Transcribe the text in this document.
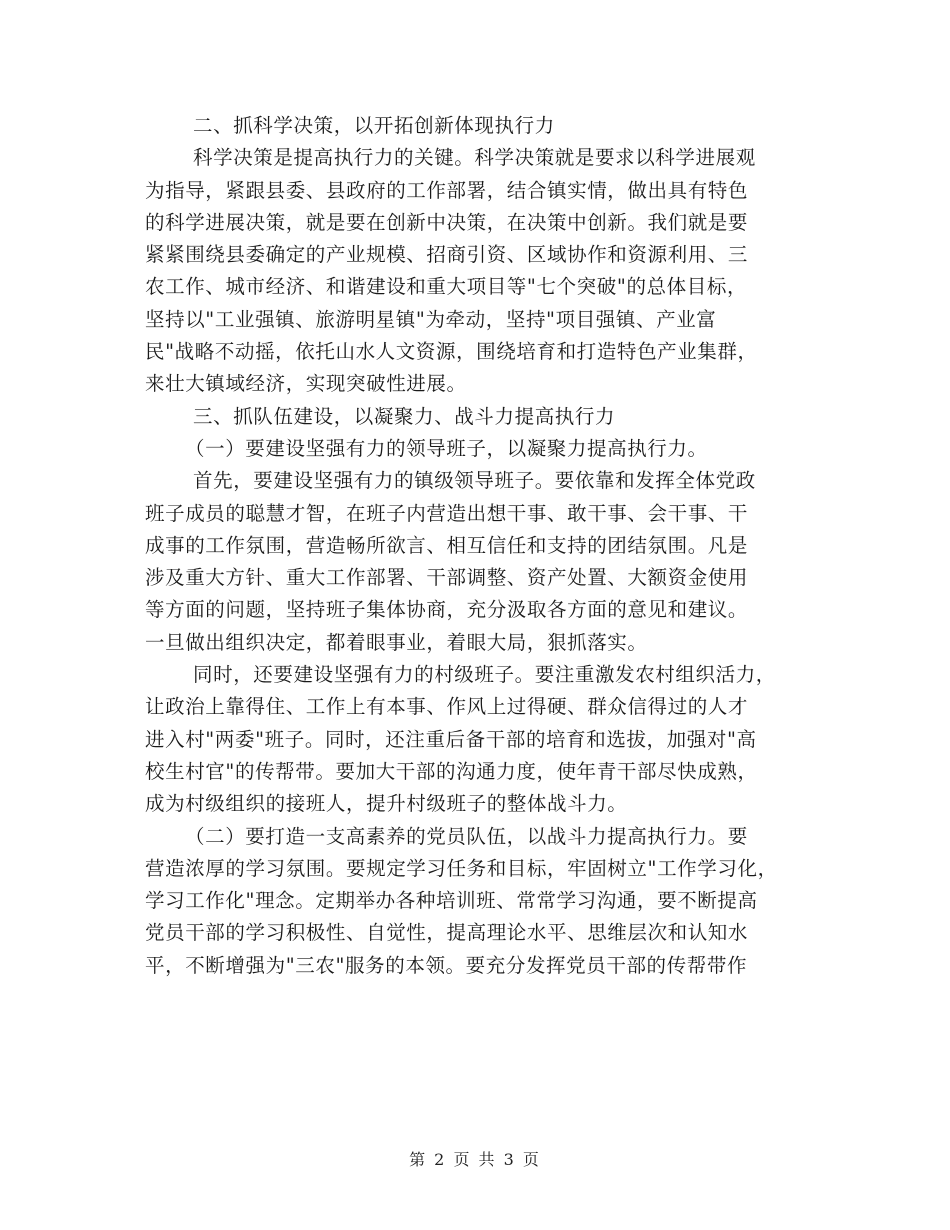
二、抓科学决策，以开拓创新体现执行力
科学决策是提高执行力的关键。科学决策就是要求以科学进展观
为指导，紧跟县委、县政府的工作部署，结合镇实情，做出具有特色
的科学进展决策，就是要在创新中决策，在决策中创新。我们就是要
紧紧围绕县委确定的产业规模、招商引资、区域协作和资源利用、三
农工作、城市经济、和谐建设和重大项目等"七个突破"的总体目标，
坚持以"工业强镇、旅游明星镇"为牵动，坚持"项目强镇、产业富
民"战略不动摇，依托山水人文资源，围绕培育和打造特色产业集群，
来壮大镇域经济，实现突破性进展。
三、抓队伍建设，以凝聚力、战斗力提高执行力
（一）要建设坚强有力的领导班子，以凝聚力提高执行力。
首先，要建设坚强有力的镇级领导班子。要依靠和发挥全体党政
班子成员的聪慧才智，在班子内营造出想干事、敢干事、会干事、干
成事的工作氛围，营造畅所欲言、相互信任和支持的团结氛围。凡是
涉及重大方针、重大工作部署、干部调整、资产处置、大额资金使用
等方面的问题，坚持班子集体协商，充分汲取各方面的意见和建议。
一旦做出组织决定，都着眼事业，着眼大局，狠抓落实。
同时，还要建设坚强有力的村级班子。要注重激发农村组织活力，
让政治上靠得住、工作上有本事、作风上过得硬、群众信得过的人才
进入村"两委"班子。同时，还注重后备干部的培育和选拔，加强对"高
校生村官"的传帮带。要加大干部的沟通力度，使年青干部尽快成熟，
成为村级组织的接班人，提升村级班子的整体战斗力。
（二）要打造一支高素养的党员队伍，以战斗力提高执行力。要
营造浓厚的学习氛围。要规定学习任务和目标，牢固树立"工作学习化，
学习工作化"理念。定期举办各种培训班、常常学习沟通，要不断提高
党员干部的学习积极性、自觉性，提高理论水平、思维层次和认知水
平，不断增强为"三农"服务的本领。要充分发挥党员干部的传帮带作
第 2 页 共 3 页
